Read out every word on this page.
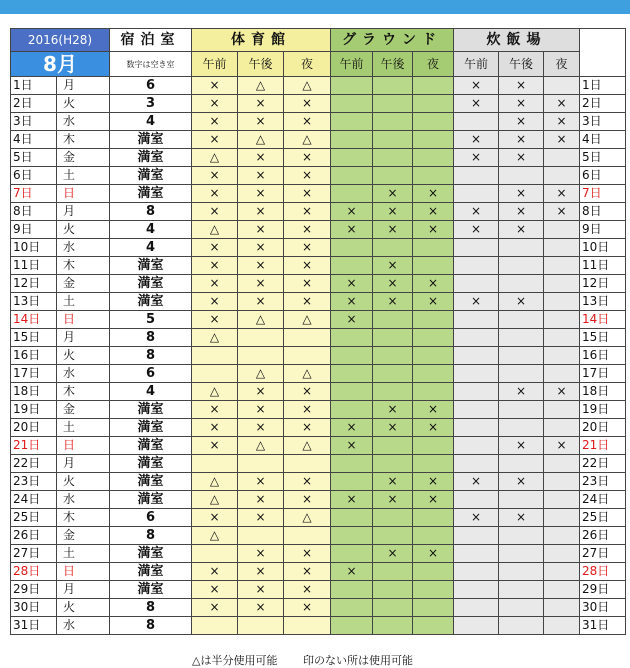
2016(H28)		宿泊室	体育館			グラウンド			炊飯場			
8月		数字は空き室	午前	午後	夜	午前	午後	夜	午前	午後	夜	
1日	月	6	×	△	△				×	×		1日
2日	火	3	×	×	×				×	×	×	2日
3日	水	4	×	×	×					×	×	3日
4日	木	満室	×	△	△				×	×	×	4日
5日	金	満室	△	×	×				×	×		5日
6日	土	満室	×	×	×							6日
7日	日	満室	×	×	×		×	×		×	×	7日
8日	月	8	×	×	×	×	×	×	×	×	×	8日
9日	火	4	△	×	×	×	×	×	×	×		9日
10日	水	4	×	×	×							10日
11日	木	満室	×	×	×		×					11日
12日	金	満室	×	×	×	×	×	×				12日
13日	土	満室	×	×	×	×	×	×	×	×		13日
14日	日	5	×	△	△	×						14日
15日	月	8	△									15日
16日	火	8										16日
17日	水	6		△	△							17日
18日	木	4	△	×	×					×	×	18日
19日	金	満室	×	×	×		×	×				19日
20日	土	満室	×	×	×	×	×	×				20日
21日	日	満室	×	△	△	×				×	×	21日
22日	月	満室										22日
23日	火	満室	△	×	×		×	×	×	×		23日
24日	水	満室	△	×	×	×	×	×				24日
25日	木	6	×	×	△				×	×		25日
26日	金	8	△									26日
27日	土	満室		×	×		×	×				27日
28日	日	満室	×	×	×	×						28日
29日	月	満室	×	×	×							29日
30日	火	8	×	×	×							30日
31日	水	8										31日
△は半分使用可能 印のない所は使用可能
